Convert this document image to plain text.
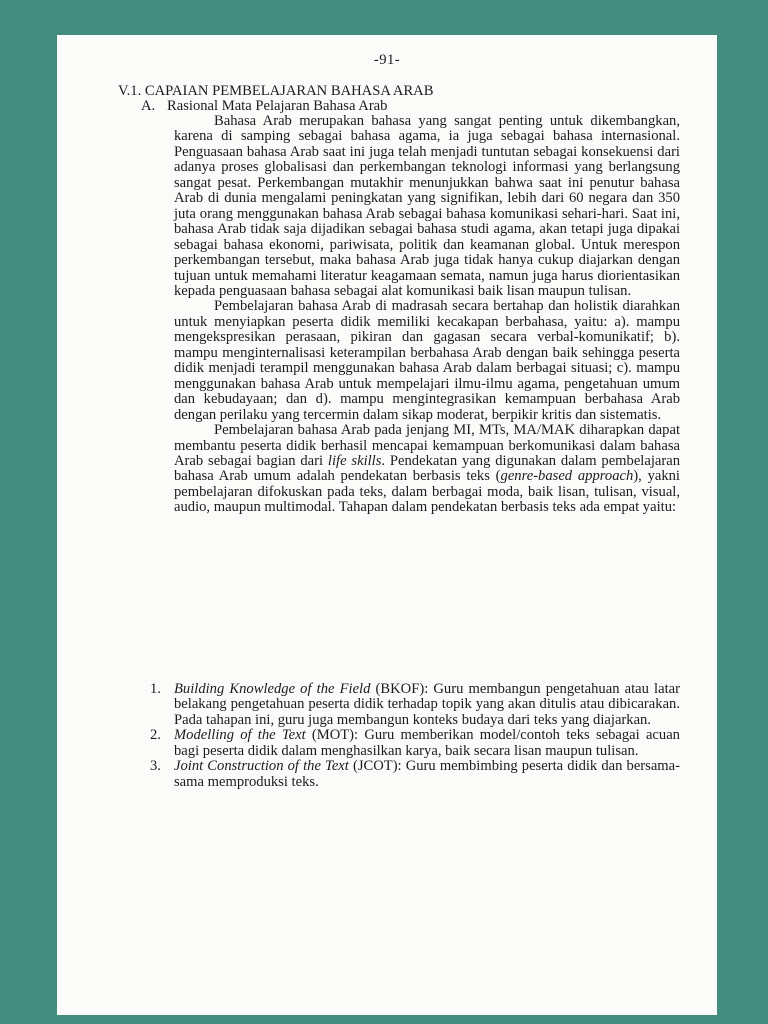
-91-
V.1. CAPAIAN PEMBELAJARAN BAHASA ARAB
A. Rasional Mata Pelajaran Bahasa Arab

Bahasa Arab merupakan bahasa yang sangat penting untuk dikembangkan, karena di samping sebagai bahasa agama, ia juga sebagai bahasa internasional. Penguasaan bahasa Arab saat ini juga telah menjadi tuntutan sebagai konsekuensi dari adanya proses globalisasi dan perkembangan teknologi informasi yang berlangsung sangat pesat. Perkembangan mutakhir menunjukkan bahwa saat ini penutur bahasa Arab di dunia mengalami peningkatan yang signifikan, lebih dari 60 negara dan 350 juta orang menggunakan bahasa Arab sebagai bahasa komunikasi sehari-hari. Saat ini, bahasa Arab tidak saja dijadikan sebagai bahasa studi agama, akan tetapi juga dipakai sebagai bahasa ekonomi, pariwisata, politik dan keamanan global. Untuk merespon perkembangan tersebut, maka bahasa Arab juga tidak hanya cukup diajarkan dengan tujuan untuk memahami literatur keagamaan semata, namun juga harus diorientasikan kepada penguasaan bahasa sebagai alat komunikasi baik lisan maupun tulisan.

Pembelajaran bahasa Arab di madrasah secara bertahap dan holistik diarahkan untuk menyiapkan peserta didik memiliki kecakapan berbahasa, yaitu: a). mampu mengekspresikan perasaan, pikiran dan gagasan secara verbal-komunikatif; b). mampu menginternalisasi keterampilan berbahasa Arab dengan baik sehingga peserta didik menjadi terampil menggunakan bahasa Arab dalam berbagai situasi; c). mampu menggunakan bahasa Arab untuk mempelajari ilmu-ilmu agama, pengetahuan umum dan kebudayaan; dan d). mampu mengintegrasikan kemampuan berbahasa Arab dengan perilaku yang tercermin dalam sikap moderat, berpikir kritis dan sistematis.

Pembelajaran bahasa Arab pada jenjang MI, MTs, MA/MAK diharapkan dapat membantu peserta didik berhasil mencapai kemampuan berkomunikasi dalam bahasa Arab sebagai bagian dari life skills. Pendekatan yang digunakan dalam pembelajaran bahasa Arab umum adalah pendekatan berbasis teks (genre-based approach), yakni pembelajaran difokuskan pada teks, dalam berbagai moda, baik lisan, tulisan, visual, audio, maupun multimodal. Tahapan dalam pendekatan berbasis teks ada empat yaitu:

1. Building Knowledge of the Field (BKOF): Guru membangun pengetahuan atau latar belakang pengetahuan peserta didik terhadap topik yang akan ditulis atau dibicarakan. Pada tahapan ini, guru juga membangun konteks budaya dari teks yang diajarkan.
2. Modelling of the Text (MOT): Guru memberikan model/contoh teks sebagai acuan bagi peserta didik dalam menghasilkan karya, baik secara lisan maupun tulisan.
3. Joint Construction of the Text (JCOT): Guru membimbing peserta didik dan bersama-sama memproduksi teks.
